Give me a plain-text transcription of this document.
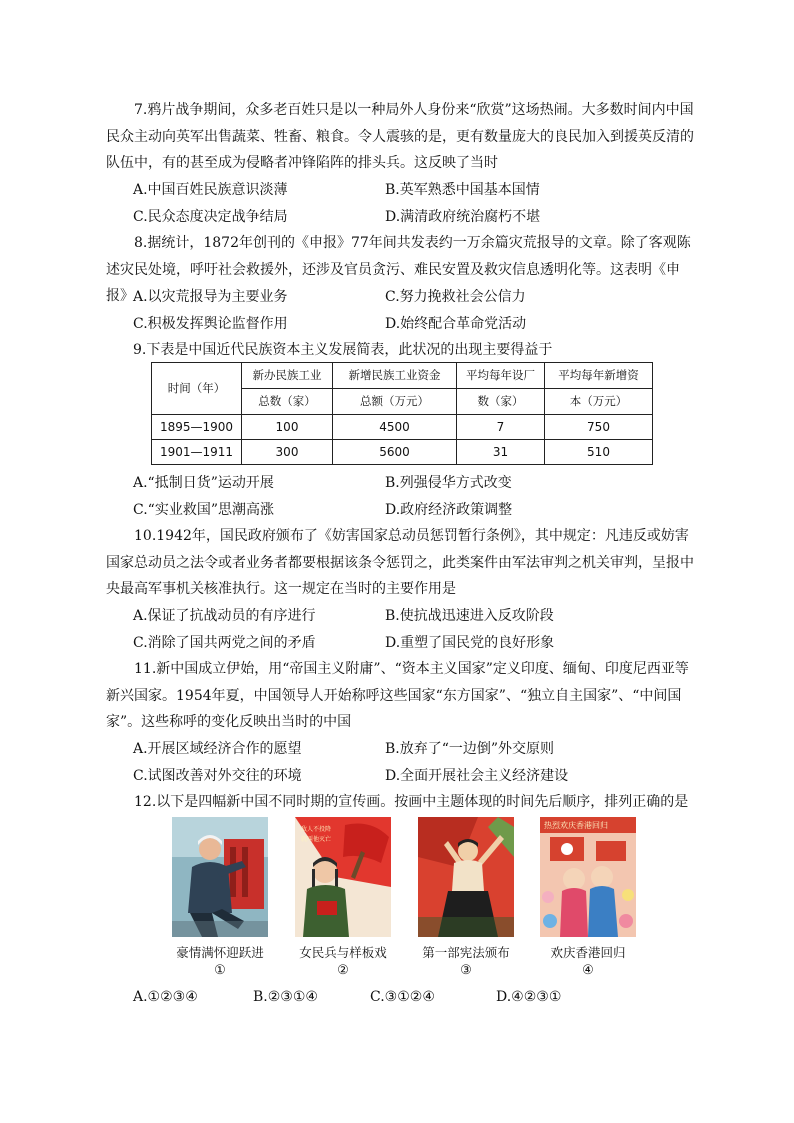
7.鸦片战争期间，众多老百姓只是以一种局外人身份来“欣赏”这场热闹。大多数时间内中国民众主动向英军出售蔬菜、牲畜、粮食。令人震骇的是，更有数量庞大的良民加入到援英反清的队伍中，有的甚至成为侵略者冲锋陷阵的排头兵。这反映了当时
A.中国百姓民族意识淡薄	B.英军熟悉中国基本国情
C.民众态度决定战争结局	D.满清政府统治腐朽不堪
8.据统计，1872年创刊的《申报》77年间共发表约一万余篇灾荒报导的文章。除了客观陈述灾民处境，呼吁社会救援外，还涉及官员贪污、难民安置及救灾信息透明化等。这表明《申报》 A.以灾荒报导为主要业务	C.努力挽救社会公信力
C.积极发挥舆论监督作用	D.始终配合革命党活动
9.下表是中国近代民族资本主义发展简表，此状况的出现主要得益于
时间（年）	新办民族工业	新增民族工业资金	平均每年设厂	平均每年新增资
	总数（家）	总额（万元）	数（家）	本（万元）
1895—1900	100	4500	7	750
1901—1911	300	5600	31	510
A.“抵制日货”运动开展	B.列强侵华方式改变
C.“实业救国”思潮高涨	D.政府经济政策调整
10.1942年，国民政府颁布了《妨害国家总动员惩罚暂行条例》，其中规定：凡违反或妨害国家总动员之法令或者业务者都要根据该条令惩罚之，此类案件由军法审判之机关审判，呈报中央最高军事机关核准执行。这一规定在当时的主要作用是
A.保证了抗战动员的有序进行	B.使抗战迅速进入反攻阶段
C.消除了国共两党之间的矛盾	D.重塑了国民党的良好形象
11.新中国成立伊始，用“帝国主义附庸”、“资本主义国家”定义印度、缅甸、印度尼西亚等新兴国家。1954年夏，中国领导人开始称呼这些国家“东方国家”、“独立自主国家”、“中间国家”。这些称呼的变化反映出当时的中国
A.开展区域经济合作的愿望	B.放弃了“一边倒”外交原则
C.试图改善对外交往的环境	D.全面开展社会主义经济建设
12.以下是四幅新中国不同时期的宣传画。按画中主题体现的时间先后顺序，排列正确的是
豪情满怀迎跃进
①
敌人不投降
就叫他灭亡
女民兵与样板戏
②
第一部宪法颁布
③
热烈欢庆香港回归
欢庆香港回归
④
A.①②③④	B.②③①④	C.③①②④	D.④②③①
